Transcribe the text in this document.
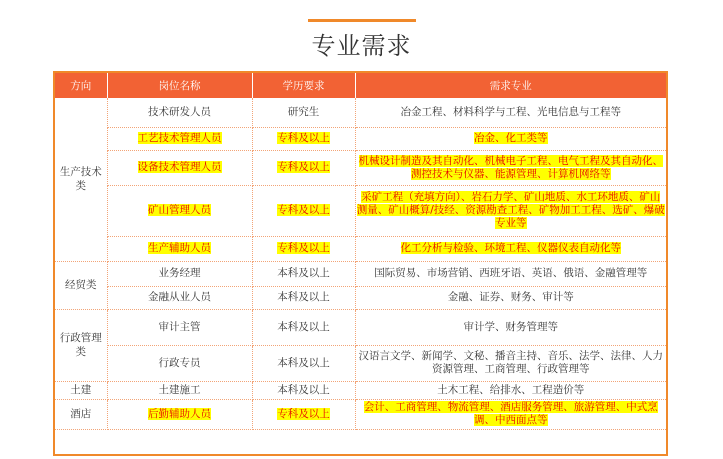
专业需求
方向	岗位名称	学历要求	需求专业
生产技术类	技术研发人员	研究生	冶金工程、材料科学与工程、光电信息与工程等
	工艺技术管理人员	专科及以上	冶金、化工类等
	设备技术管理人员	专科及以上	机械设计制造及其自动化、机械电子工程、电气工程及其自动化、测控技术与仪器、能源管理、计算机网络等
	矿山管理人员	专科及以上	采矿工程（充填方向）、岩石力学、矿山地质、水工环地质、矿山测量、矿山概算/技经、资源勘查工程、矿物加工工程、选矿、爆破专业等
	生产辅助人员	专科及以上	化工分析与检验、环境工程、仪器仪表自动化等
经贸类	业务经理	本科及以上	国际贸易、市场营销、西班牙语、英语、俄语、金融管理等
	金融从业人员	本科及以上	金融、证券、财务、审计等
行政管理类	审计主管	本科及以上	审计学、财务管理等
	行政专员	本科及以上	汉语言文学、新闻学、文秘、播音主持、音乐、法学、法律、人力资源管理、工商管理、行政管理等
土建	土建施工	本科及以上	土木工程、给排水、工程造价等
酒店	后勤辅助人员	专科及以上	会计、工商管理、物流管理、酒店服务管理、旅游管理、中式烹调、中西面点等
